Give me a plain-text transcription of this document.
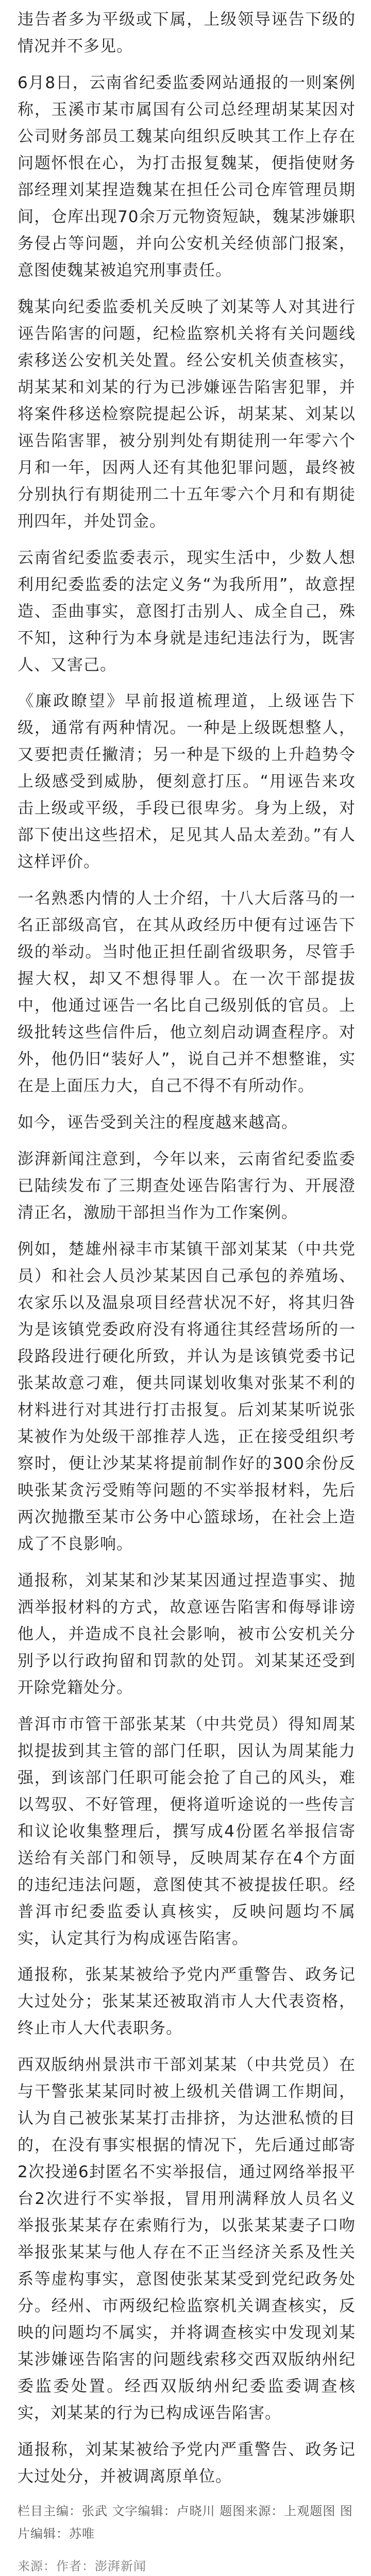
违告者多为平级或下属，上级领导诬告下级的情况并不多见。

6月8日，云南省纪委监委网站通报的一则案例称，玉溪市某市属国有公司总经理胡某某因对公司财务部员工魏某向组织反映其工作上存在问题怀恨在心，为打击报复魏某，便指使财务部经理刘某捏造魏某在担任公司仓库管理员期间，仓库出现70余万元物资短缺，魏某涉嫌职务侵占等问题，并向公安机关经侦部门报案，意图使魏某被追究刑事责任。

魏某向纪委监委机关反映了刘某等人对其进行诬告陷害的问题，纪检监察机关将有关问题线索移送公安机关处置。经公安机关侦查核实，胡某某和刘某的行为已涉嫌诬告陷害犯罪，并将案件移送检察院提起公诉，胡某某、刘某以诬告陷害罪，被分别判处有期徒刑一年零六个月和一年，因两人还有其他犯罪问题，最终被分别执行有期徒刑二十五年零六个月和有期徒刑四年，并处罚金。

云南省纪委监委表示，现实生活中，少数人想利用纪委监委的法定义务“为我所用”，故意捏造、歪曲事实，意图打击别人、成全自己，殊不知，这种行为本身就是违纪违法行为，既害人、又害己。

《廉政瞭望》早前报道梳理道，上级诬告下级，通常有两种情况。一种是上级既想整人，又要把责任撇清；另一种是下级的上升趋势令上级感受到威胁，便刻意打压。“用诬告来攻击上级或平级，手段已很卑劣。身为上级，对部下使出这些招术，足见其人品太差劲。”有人这样评价。

一名熟悉内情的人士介绍，十八大后落马的一名正部级高官，在其从政经历中便有过诬告下级的举动。当时他正担任副省级职务，尽管手握大权，却又不想得罪人。在一次干部提拔中，他通过诬告一名比自己级别低的官员。上级批转这些信件后，他立刻启动调查程序。对外，他仍旧“装好人”，说自己并不想整谁，实在是上面压力大，自己不得不有所动作。

如今，诬告受到关注的程度越来越高。

澎湃新闻注意到，今年以来，云南省纪委监委已陆续发布了三期查处诬告陷害行为、开展澄清正名，激励干部担当作为工作案例。

例如，楚雄州禄丰市某镇干部刘某某（中共党员）和社会人员沙某某因自己承包的养殖场、农家乐以及温泉项目经营状况不好，将其归咎为是该镇党委政府没有将通往其经营场所的一段路段进行硬化所致，并认为是该镇党委书记张某故意刁难，便共同谋划收集对张某不利的材料进行对其进行打击报复。后刘某某听说张某被作为处级干部推荐人选，正在接受组织考察时，便让沙某某将提前制作好的300余份反映张某贪污受贿等问题的不实举报材料，先后两次抛撒至某市公务中心篮球场，在社会上造成了不良影响。

通报称，刘某某和沙某某因通过捏造事实、抛洒举报材料的方式，故意诬告陷害和侮辱诽谤他人，并造成不良社会影响，被市公安机关分别予以行政拘留和罚款的处罚。刘某某还受到开除党籍处分。

普洱市市管干部张某某（中共党员）得知周某拟提拔到其主管的部门任职，因认为周某能力强，到该部门任职可能会抢了自己的风头，难以驾驭、不好管理，便将道听途说的一些传言和议论收集整理后，撰写成4份匿名举报信寄送给有关部门和领导，反映周某存在4个方面的违纪违法问题，意图使其不被提拔任职。经普洱市纪委监委认真核实，反映问题均不属实，认定其行为构成诬告陷害。

通报称，张某某被给予党内严重警告、政务记大过处分；张某某还被取消市人大代表资格，终止市人大代表职务。

西双版纳州景洪市干部刘某某（中共党员）在与干警张某某同时被上级机关借调工作期间，认为自己被张某某打击排挤，为达泄私愤的目的，在没有事实根据的情况下，先后通过邮寄2次投递6封匿名不实举报信，通过网络举报平台2次进行不实举报，冒用刑满释放人员名义举报张某某存在索贿行为，以张某某妻子口吻举报张某某与他人存在不正当经济关系及性关系等虚构事实，意图使张某某受到党纪政务处分。经州、市两级纪检监察机关调查核实，反映的问题均不属实，并将调查核实中发现刘某某涉嫌诬告陷害的问题线索移交西双版纳州纪委监委处置。经西双版纳州纪委监委调查核实，刘某某的行为已构成诬告陷害。

通报称，刘某某被给予党内严重警告、政务记大过处分，并被调离原单位。

栏目主编：张武 文字编辑：卢晓川 题图来源：上观题图 图片编辑：苏唯

来源：作者：澎湃新闻
